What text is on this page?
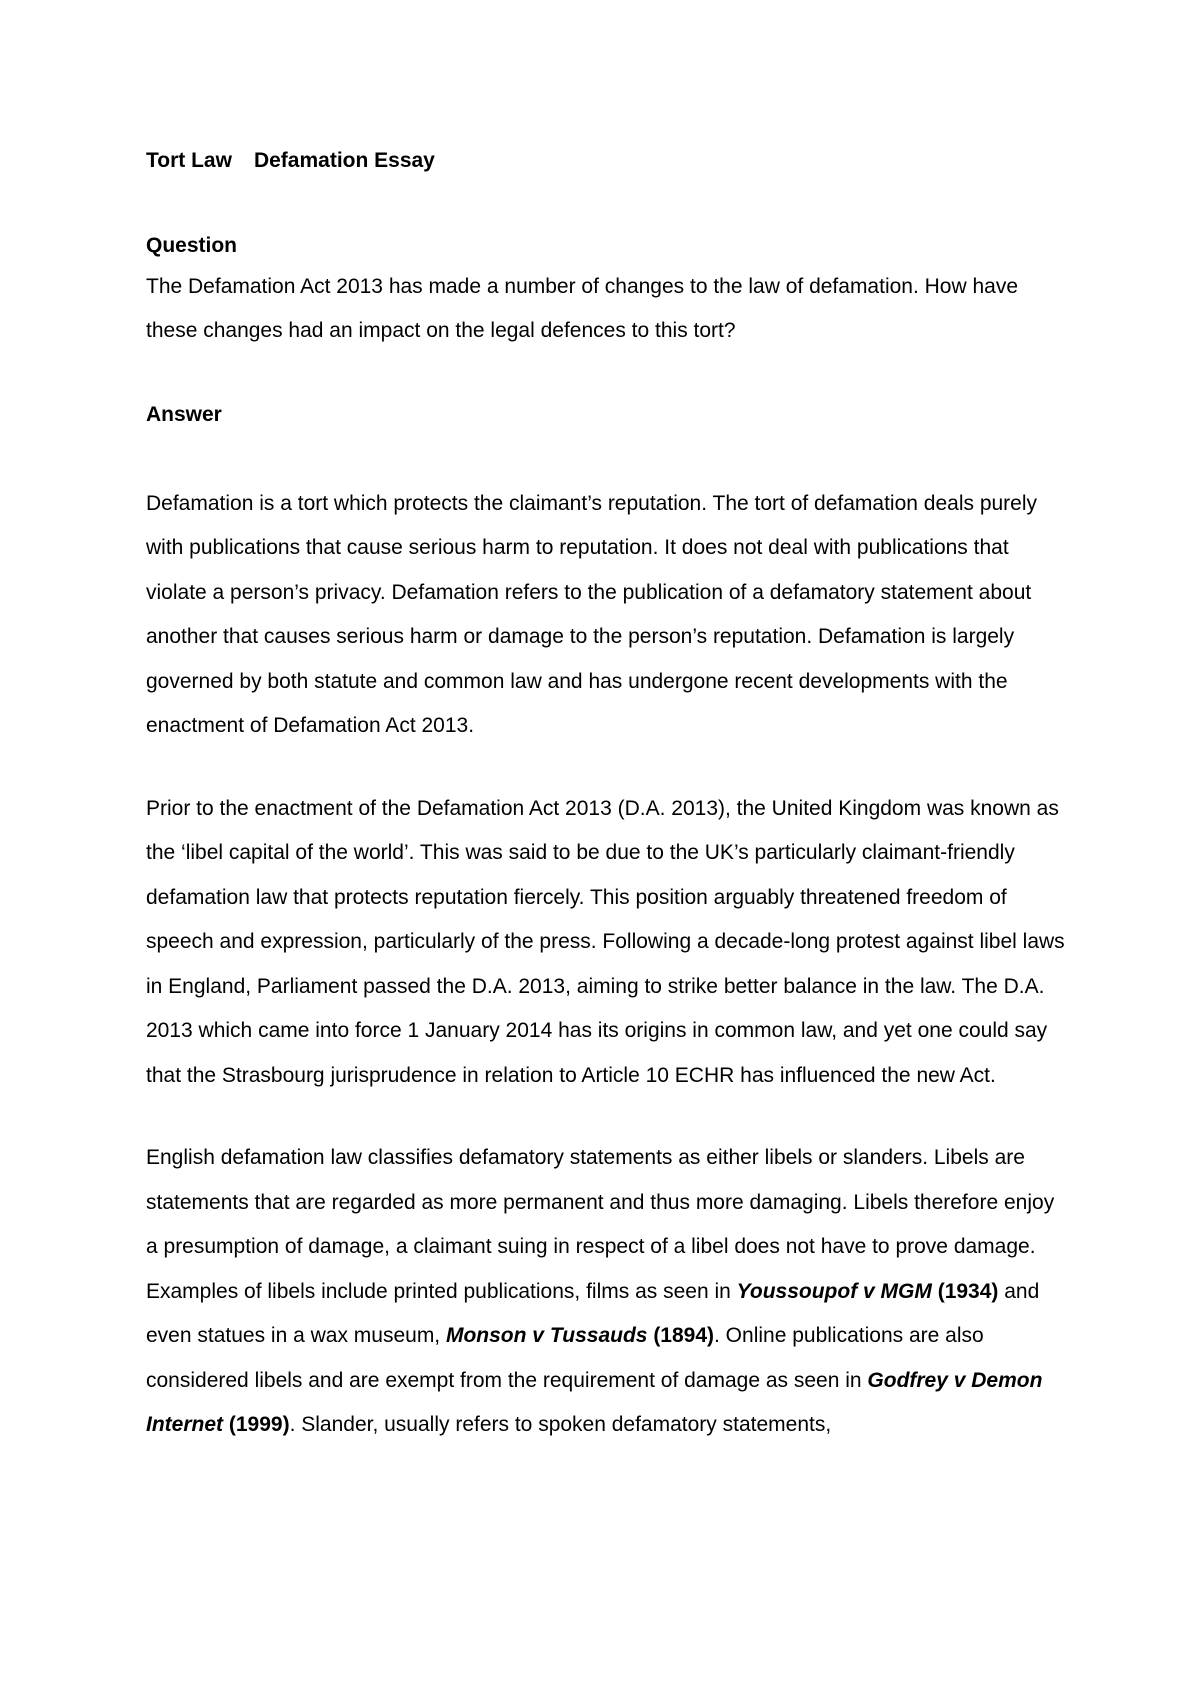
Tort Law Defamation Essay
Question

The Defamation Act 2013 has made a number of changes to the law of defamation. How have these changes had an impact on the legal defences to this tort?

Answer

Defamation is a tort which protects the claimant’s reputation. The tort of defamation deals purely with publications that cause serious harm to reputation. It does not deal with publications that violate a person’s privacy. Defamation refers to the publication of a defamatory statement about another that causes serious harm or damage to the person’s reputation. Defamation is largely governed by both statute and common law and has undergone recent developments with the enactment of Defamation Act 2013.

Prior to the enactment of the Defamation Act 2013 (D.A. 2013), the United Kingdom was known as the ‘libel capital of the world’. This was said to be due to the UK’s particularly claimant-friendly defamation law that protects reputation fiercely. This position arguably threatened freedom of speech and expression, particularly of the press. Following a decade-long protest against libel laws in England, Parliament passed the D.A. 2013, aiming to strike better balance in the law. The D.A. 2013 which came into force 1 January 2014 has its origins in common law, and yet one could say that the Strasbourg jurisprudence in relation to Article 10 ECHR has influenced the new Act.

English defamation law classifies defamatory statements as either libels or slanders. Libels are

statements that are regarded as more permanent and thus more damaging. Libels therefore enjoy a presumption of damage, a claimant suing in respect of a libel does not have to prove damage. Examples of libels include printed publications, films as seen in Youssoupof v MGM (1934) and even statues in a wax museum, Monson v Tussauds (1894). Online publications are also considered libels and are exempt from the requirement of damage as seen in Godfrey v Demon Internet (1999). Slander, usually refers to spoken defamatory statements,
